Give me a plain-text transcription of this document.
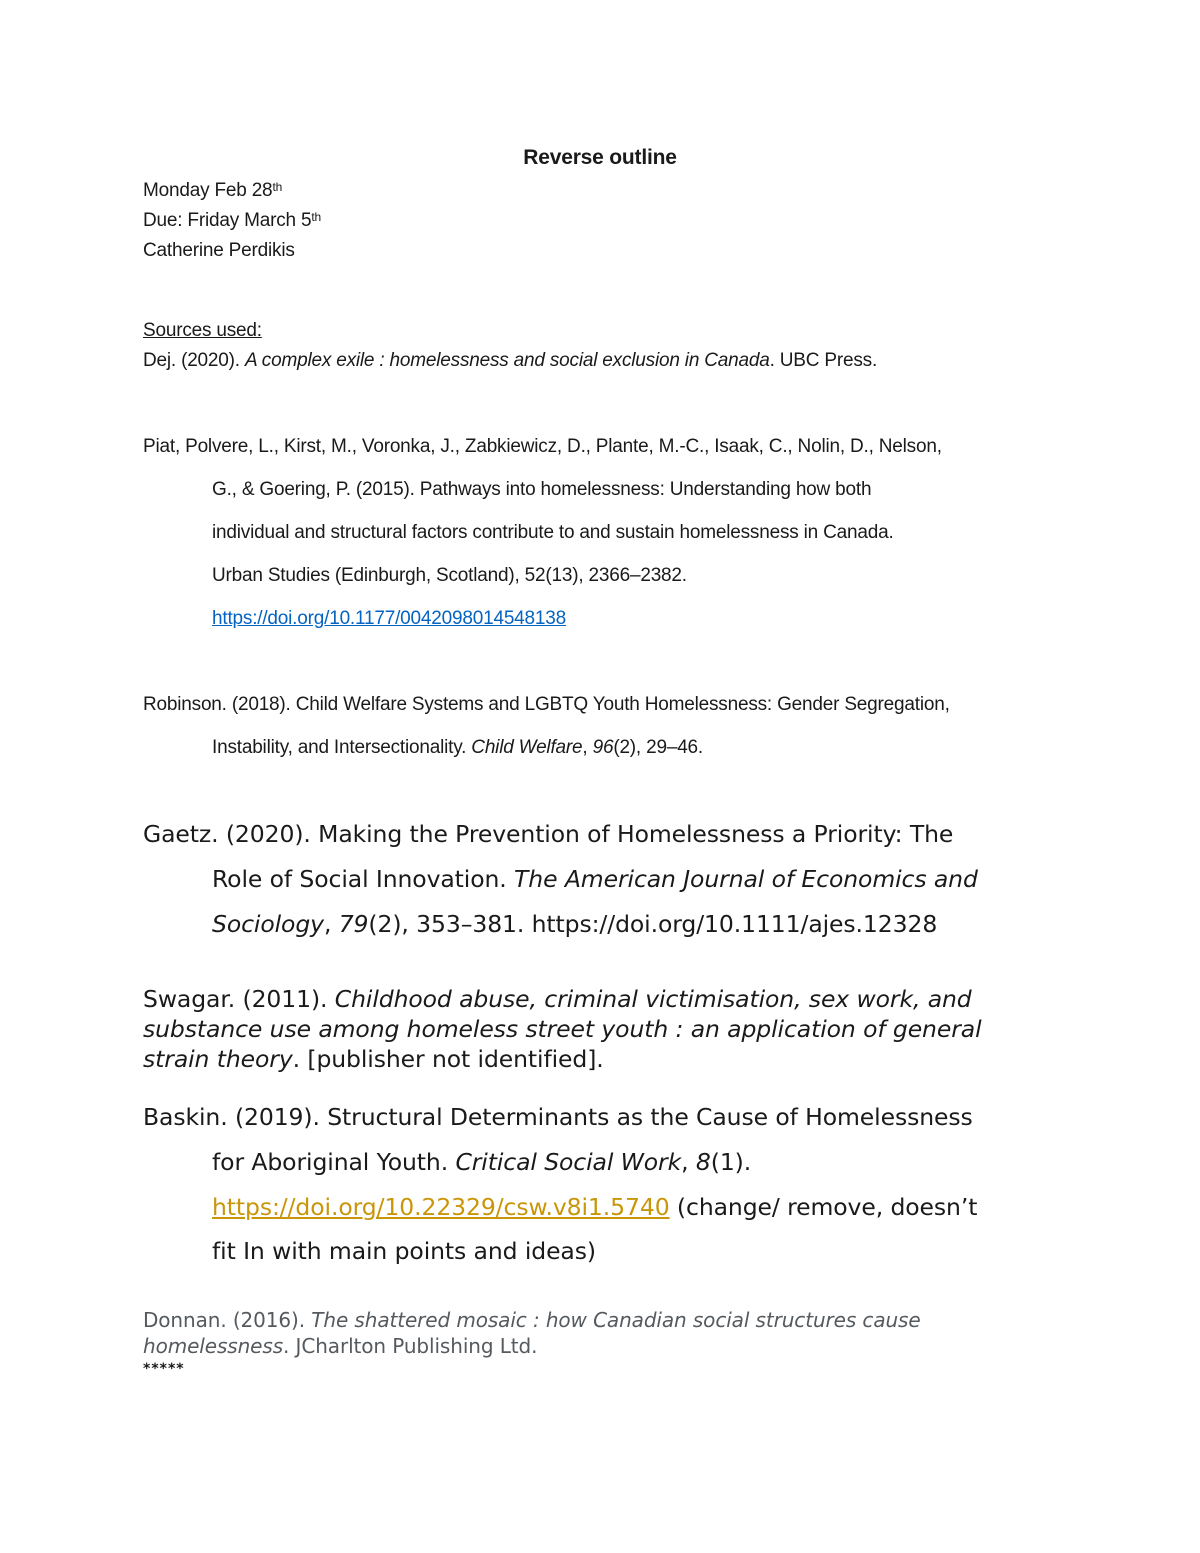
Reverse outline
Monday Feb 28th
Due: Friday March 5th
Catherine Perdikis
Sources used:
Dej. (2020). A complex exile : homelessness and social exclusion in Canada. UBC Press.
Piat, Polvere, L., Kirst, M., Voronka, J., Zabkiewicz, D., Plante, M.-C., Isaak, C., Nolin, D., Nelson,
G., & Goering, P. (2015). Pathways into homelessness: Understanding how both
individual and structural factors contribute to and sustain homelessness in Canada.
Urban Studies (Edinburgh, Scotland), 52(13), 2366–2382.
https://doi.org/10.1177/0042098014548138
Robinson. (2018). Child Welfare Systems and LGBTQ Youth Homelessness: Gender Segregation,
Instability, and Intersectionality. Child Welfare, 96(2), 29–46.
Gaetz. (2020). Making the Prevention of Homelessness a Priority: The
Role of Social Innovation. The American Journal of Economics and
Sociology, 79(2), 353–381. https://doi.org/10.1111/ajes.12328
Swagar. (2011). Childhood abuse, criminal victimisation, sex work, and
substance use among homeless street youth : an application of general
strain theory. [publisher not identified].
Baskin. (2019). Structural Determinants as the Cause of Homelessness
for Aboriginal Youth. Critical Social Work, 8(1).
https://doi.org/10.22329/csw.v8i1.5740 (change/ remove, doesn’t
fit In with main points and ideas)
Donnan. (2016). The shattered mosaic : how Canadian social structures cause
homelessness. JCharlton Publishing Ltd.
*****
